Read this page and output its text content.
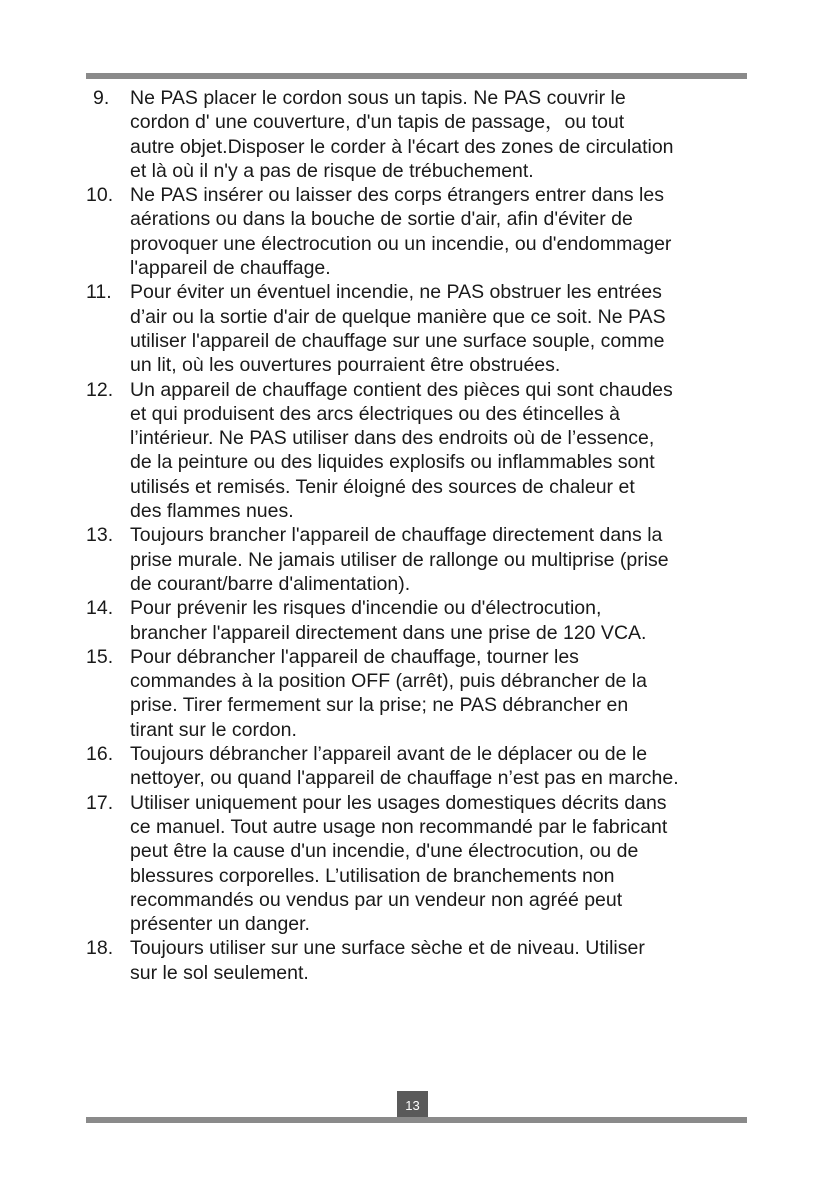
9.	Ne PAS placer le cordon sous un tapis. Ne PAS couvrir le
cordon d' une couverture, d'un tapis de passage，ou tout
autre objet.Disposer le corder à l'écart des zones de circulation
et là où il n'y a pas de risque de trébuchement.
10. Ne PAS insérer ou laisser des corps étrangers entrer dans les
aérations ou dans la bouche de sortie d'air, afin d'éviter de
provoquer une électrocution ou un incendie, ou d'endommager
l'appareil de chauffage.
11. Pour éviter un éventuel incendie, ne PAS obstruer les entrées
d’air ou la sortie d'air de quelque manière que ce soit. Ne PAS
utiliser l'appareil de chauffage sur une surface souple, comme
un lit, où les ouvertures pourraient être obstruées.
12. Un appareil de chauffage contient des pièces qui sont chaudes
et qui produisent des arcs électriques ou des étincelles à
l’intérieur. Ne PAS utiliser dans des endroits où de l’essence,
de la peinture ou des liquides explosifs ou inflammables sont
utilisés et remisés. Tenir éloigné des sources de chaleur et
des flammes nues.
13. Toujours brancher l'appareil de chauffage directement dans la
prise murale. Ne jamais utiliser de rallonge ou multiprise (prise
de courant/barre d'alimentation).
14. Pour prévenir les risques d'incendie ou d'électrocution,
brancher l'appareil directement dans une prise de 120 VCA.
15. Pour débrancher l'appareil de chauffage, tourner les
commandes à la position OFF (arrêt), puis débrancher de la
prise. Tirer fermement sur la prise; ne PAS débrancher en
tirant sur le cordon.
16. Toujours débrancher l’appareil avant de le déplacer ou de le
nettoyer, ou quand l'appareil de chauffage n’est pas en marche.
17. Utiliser uniquement pour les usages domestiques décrits dans
ce manuel. Tout autre usage non recommandé par le fabricant
peut être la cause d'un incendie, d'une électrocution, ou de
blessures corporelles. L’utilisation de branchements non
recommandés ou vendus par un vendeur non agréé peut
présenter un danger.
18. Toujours utiliser sur une surface sèche et de niveau. Utiliser
sur le sol seulement.
13
